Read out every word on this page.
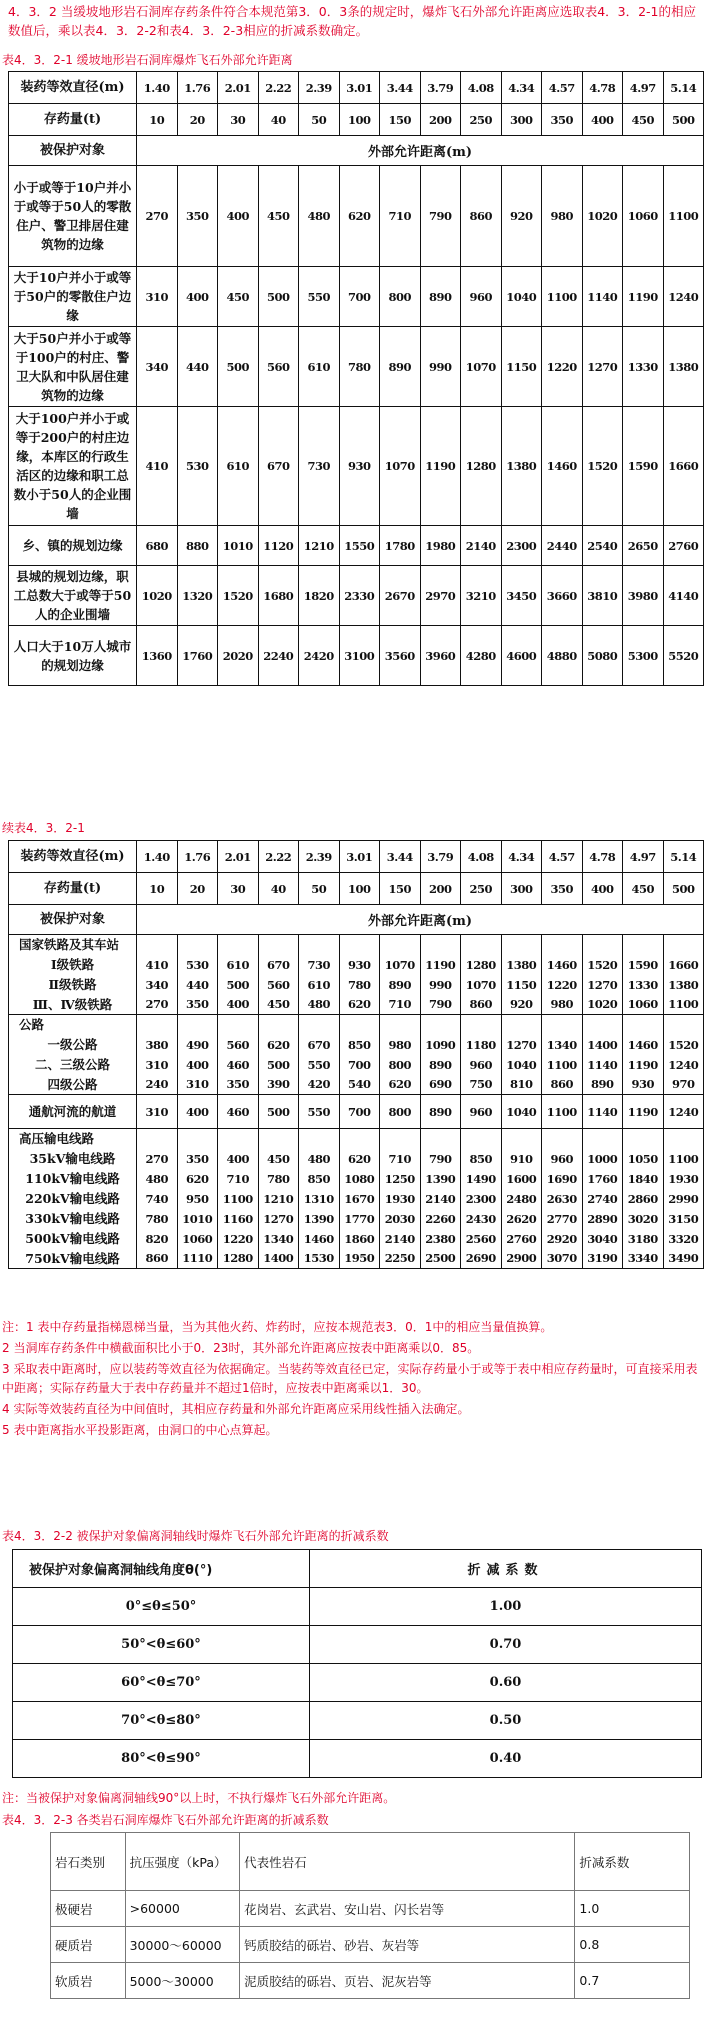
4．3．2 当缓坡地形岩石洞库存药条件符合本规范第3．0．3条的规定时，爆炸飞石外部允许距离应选取表4．3．2-1的相应数值后，乘以表4．3．2-2和表4．3．2-3相应的折减系数确定。

表4．3．2-1 缓坡地形岩石洞库爆炸飞石外部允许距离

装药等效直径(m)	1.40	1.76	2.01	2.22	2.39	3.01	3.44	3.79	4.08	4.34	4.57	4.78	4.97	5.14
存药量(t)	10	20	30	40	50	100	150	200	250	300	350	400	450	500
被保护对象	外部允许距离(m)													
小于或等于10户并小于或等于50人的零散住户、警卫排居住建筑物的边缘	270	350	400	450	480	620	710	790	860	920	980	1020	1060	1100
大于10户并小于或等于50户的零散住户边缘	310	400	450	500	550	700	800	890	960	1040	1100	1140	1190	1240
大于50户并小于或等于100户的村庄、警卫大队和中队居住建筑物的边缘	340	440	500	560	610	780	890	990	1070	1150	1220	1270	1330	1380
大于100户并小于或等于200户的村庄边缘，本库区的行政生活区的边缘和职工总数小于50人的企业围墙	410	530	610	670	730	930	1070	1190	1280	1380	1460	1520	1590	1660
乡、镇的规划边缘	680	880	1010	1120	1210	1550	1780	1980	2140	2300	2440	2540	2650	2760
县城的规划边缘，职工总数大于或等于50人的企业围墙	1020	1320	1520	1680	1820	2330	2670	2970	3210	3450	3660	3810	3980	4140
人口大于10万人城市的规划边缘	1360	1760	2020	2240	2420	3100	3560	3960	4280	4600	4880	5080	5300	5520

续表4．3．2-1

装药等效直径(m)	1.40	1.76	2.01	2.22	2.39	3.01	3.44	3.79	4.08	4.34	4.57	4.78	4.97	5.14
存药量(t)	10	20	30	40	50	100	150	200	250	300	350	400	450	500
被保护对象	外部允许距离(m)													
国家铁路及其车站														
Ⅰ级铁路	410	530	610	670	730	930	1070	1190	1280	1380	1460	1520	1590	1660
Ⅱ级铁路	340	440	500	560	610	780	890	990	1070	1150	1220	1270	1330	1380
Ⅲ、Ⅳ级铁路	270	350	400	450	480	620	710	790	860	920	980	1020	1060	1100
公路														
一级公路	380	490	560	620	670	850	980	1090	1180	1270	1340	1400	1460	1520
二、三级公路	310	400	460	500	550	700	800	890	960	1040	1100	1140	1190	1240
四级公路	240	310	350	390	420	540	620	690	750	810	860	890	930	970
通航河流的航道	310	400	460	500	550	700	800	890	960	1040	1100	1140	1190	1240
高压输电线路														
35kV输电线路	270	350	400	450	480	620	710	790	850	910	960	1000	1050	1100
110kV输电线路	480	620	710	780	850	1080	1250	1390	1490	1600	1690	1760	1840	1930
220kV输电线路	740	950	1100	1210	1310	1670	1930	2140	2300	2480	2630	2740	2860	2990
330kV输电线路	780	1010	1160	1270	1390	1770	2030	2260	2430	2620	2770	2890	3020	3150
500kV输电线路	820	1060	1220	1340	1460	1860	2140	2380	2560	2760	2920	3040	3180	3320
750kV输电线路	860	1110	1280	1400	1530	1950	2250	2500	2690	2900	3070	3190	3340	3490

注：1 表中存药量指梯恩梯当量，当为其他火药、炸药时，应按本规范表3．0．1中的相应当量值换算。

2 当洞库存药条件中横截面积比小于0．23时，其外部允许距离应按表中距离乘以0．85。

3 采取表中距离时，应以装药等效直径为依据确定。当装药等效直径已定，实际存药量小于或等于表中相应存药量时，可直接采用表中距离；实际存药量大于表中存药量并不超过1倍时，应按表中距离乘以1．30。

4 实际等效装药直径为中间值时，其相应存药量和外部允许距离应采用线性插入法确定。

5 表中距离指水平投影距离，由洞口的中心点算起。

表4．3．2-2 被保护对象偏离洞轴线时爆炸飞石外部允许距离的折减系数

被保护对象偏离洞轴线角度θ(°)	折减系数
0°≤θ≤50°	1.00
50°<θ≤60°	0.70
60°<θ≤70°	0.60
70°<θ≤80°	0.50
80°<θ≤90°	0.40

注：当被保护对象偏离洞轴线90°以上时，不执行爆炸飞石外部允许距离。

表4．3．2-3 各类岩石洞库爆炸飞石外部允许距离的折减系数

岩石类别	抗压强度（kPa）	代表性岩石	折减系数
极硬岩	>60000	花岗岩、玄武岩、安山岩、闪长岩等	1.0
硬质岩	30000～60000	钙质胶结的砾岩、砂岩、灰岩等	0.8
软质岩	5000～30000	泥质胶结的砾岩、页岩、泥灰岩等	0.7
